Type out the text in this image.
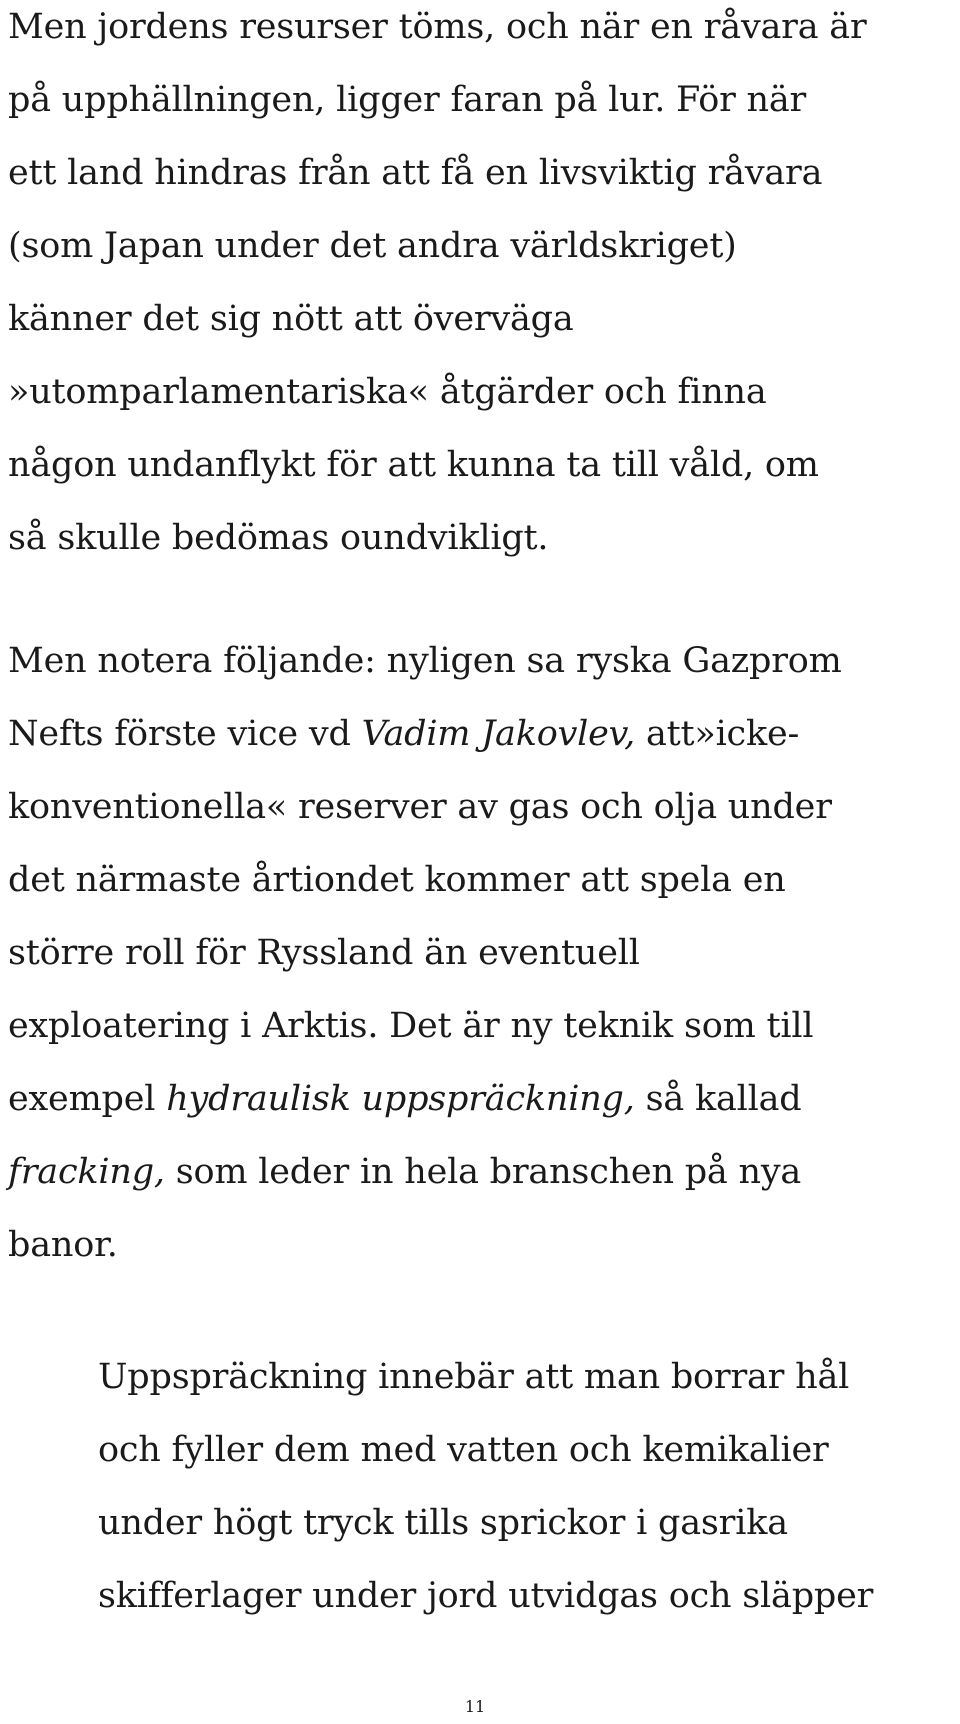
Men jordens resurser töms, och när en råvara är
på upphällningen, ligger faran på lur. För när
ett land hindras från att få en livsviktig råvara
(som Japan under det andra världskriget)
känner det sig nött att överväga
»utomparlamentariska« åtgärder och finna
någon undanflykt för att kunna ta till våld, om
så skulle bedömas oundvikligt.

Men notera följande: nyligen sa ryska Gazprom
Nefts förste vice vd Vadim Jakovlev, att»icke-
konventionella« reserver av gas och olja under
det närmaste årtiondet kommer att spela en
större roll för Ryssland än eventuell
exploatering i Arktis. Det är ny teknik som till
exempel hydraulisk uppspräckning, så kallad
fracking, som leder in hela branschen på nya
banor.

Uppspräckning innebär att man borrar hål
och fyller dem med vatten och kemikalier
under högt tryck tills sprickor i gasrika
skifferlager under jord utvidgas och släpper

11
